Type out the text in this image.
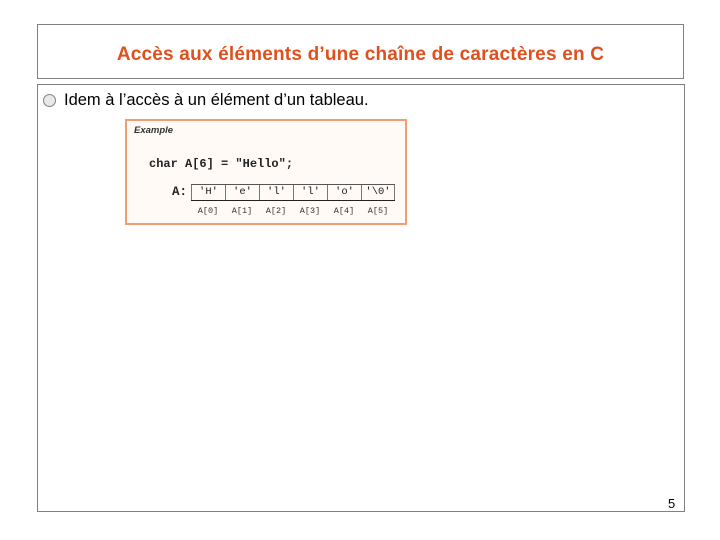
Accès aux éléments d’une chaîne de caractères en C
Idem à l’accès à un élément d’un tableau.
Example
char A[6] = "Hello";
A:	'H'	'e'	'l'	'l'	'o'	'\0'
A[0]	A[1]	A[2]	A[3]	A[4]	A[5]
5
